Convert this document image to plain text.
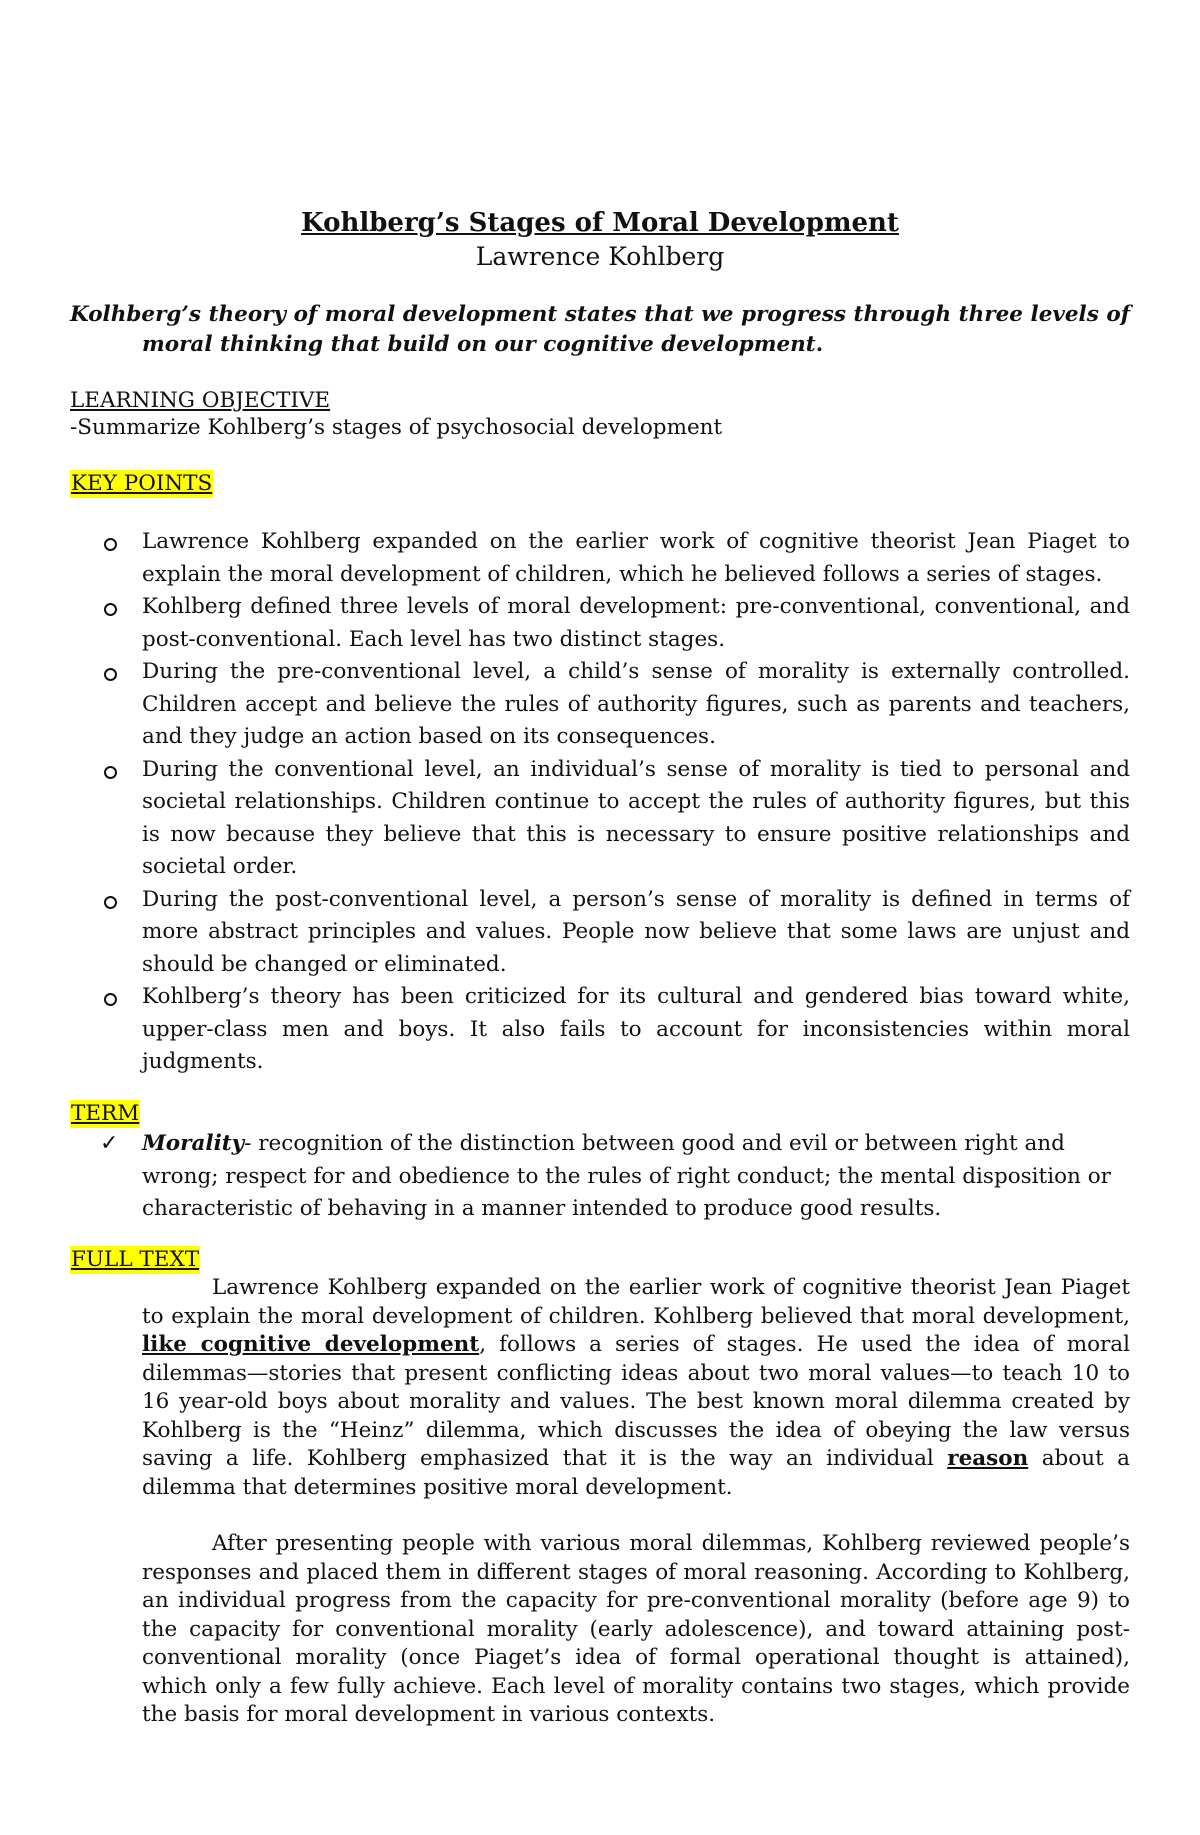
Kohlberg’s Stages of Moral Development
Lawrence Kohlberg
Kolhberg’s theory of moral development states that we progress through three levels of moral thinking that build on our cognitive development.
LEARNING OBJECTIVE
-Summarize Kohlberg’s stages of psychosocial development
KEY POINTS
Lawrence Kohlberg expanded on the earlier work of cognitive theorist Jean Piaget to explain the moral development of children, which he believed follows a series of stages.
Kohlberg defined three levels of moral development: pre-conventional, conventional, and post-conventional. Each level has two distinct stages.
During the pre-conventional level, a child’s sense of morality is externally controlled. Children accept and believe the rules of authority figures, such as parents and teachers, and they judge an action based on its consequences.
During the conventional level, an individual’s sense of morality is tied to personal and societal relationships. Children continue to accept the rules of authority figures, but this is now because they believe that this is necessary to ensure positive relationships and societal order.
During the post-conventional level, a person’s sense of morality is defined in terms of more abstract principles and values. People now believe that some laws are unjust and should be changed or eliminated.
Kohlberg’s theory has been criticized for its cultural and gendered bias toward white, upper-class men and boys. It also fails to account for inconsistencies within moral judgments.
TERM
✓ Morality- recognition of the distinction between good and evil or between right and wrong; respect for and obedience to the rules of right conduct; the mental disposition or characteristic of behaving in a manner intended to produce good results.
FULL TEXT

Lawrence Kohlberg expanded on the earlier work of cognitive theorist Jean Piaget to explain the moral development of children. Kohlberg believed that moral development, like cognitive development, follows a series of stages. He used the idea of moral dilemmas—stories that present conflicting ideas about two moral values—to teach 10 to 16 year-old boys about morality and values. The best known moral dilemma created by Kohlberg is the “Heinz” dilemma, which discusses the idea of obeying the law versus saving a life. Kohlberg emphasized that it is the way an individual reason about a dilemma that determines positive moral development.

After presenting people with various moral dilemmas, Kohlberg reviewed people’s responses and placed them in different stages of moral reasoning. According to Kohlberg, an individual progress from the capacity for pre-conventional morality (before age 9) to the capacity for conventional morality (early adolescence), and toward attaining post-conventional morality (once Piaget’s idea of formal operational thought is attained), which only a few fully achieve. Each level of morality contains two stages, which provide the basis for moral development in various contexts.
